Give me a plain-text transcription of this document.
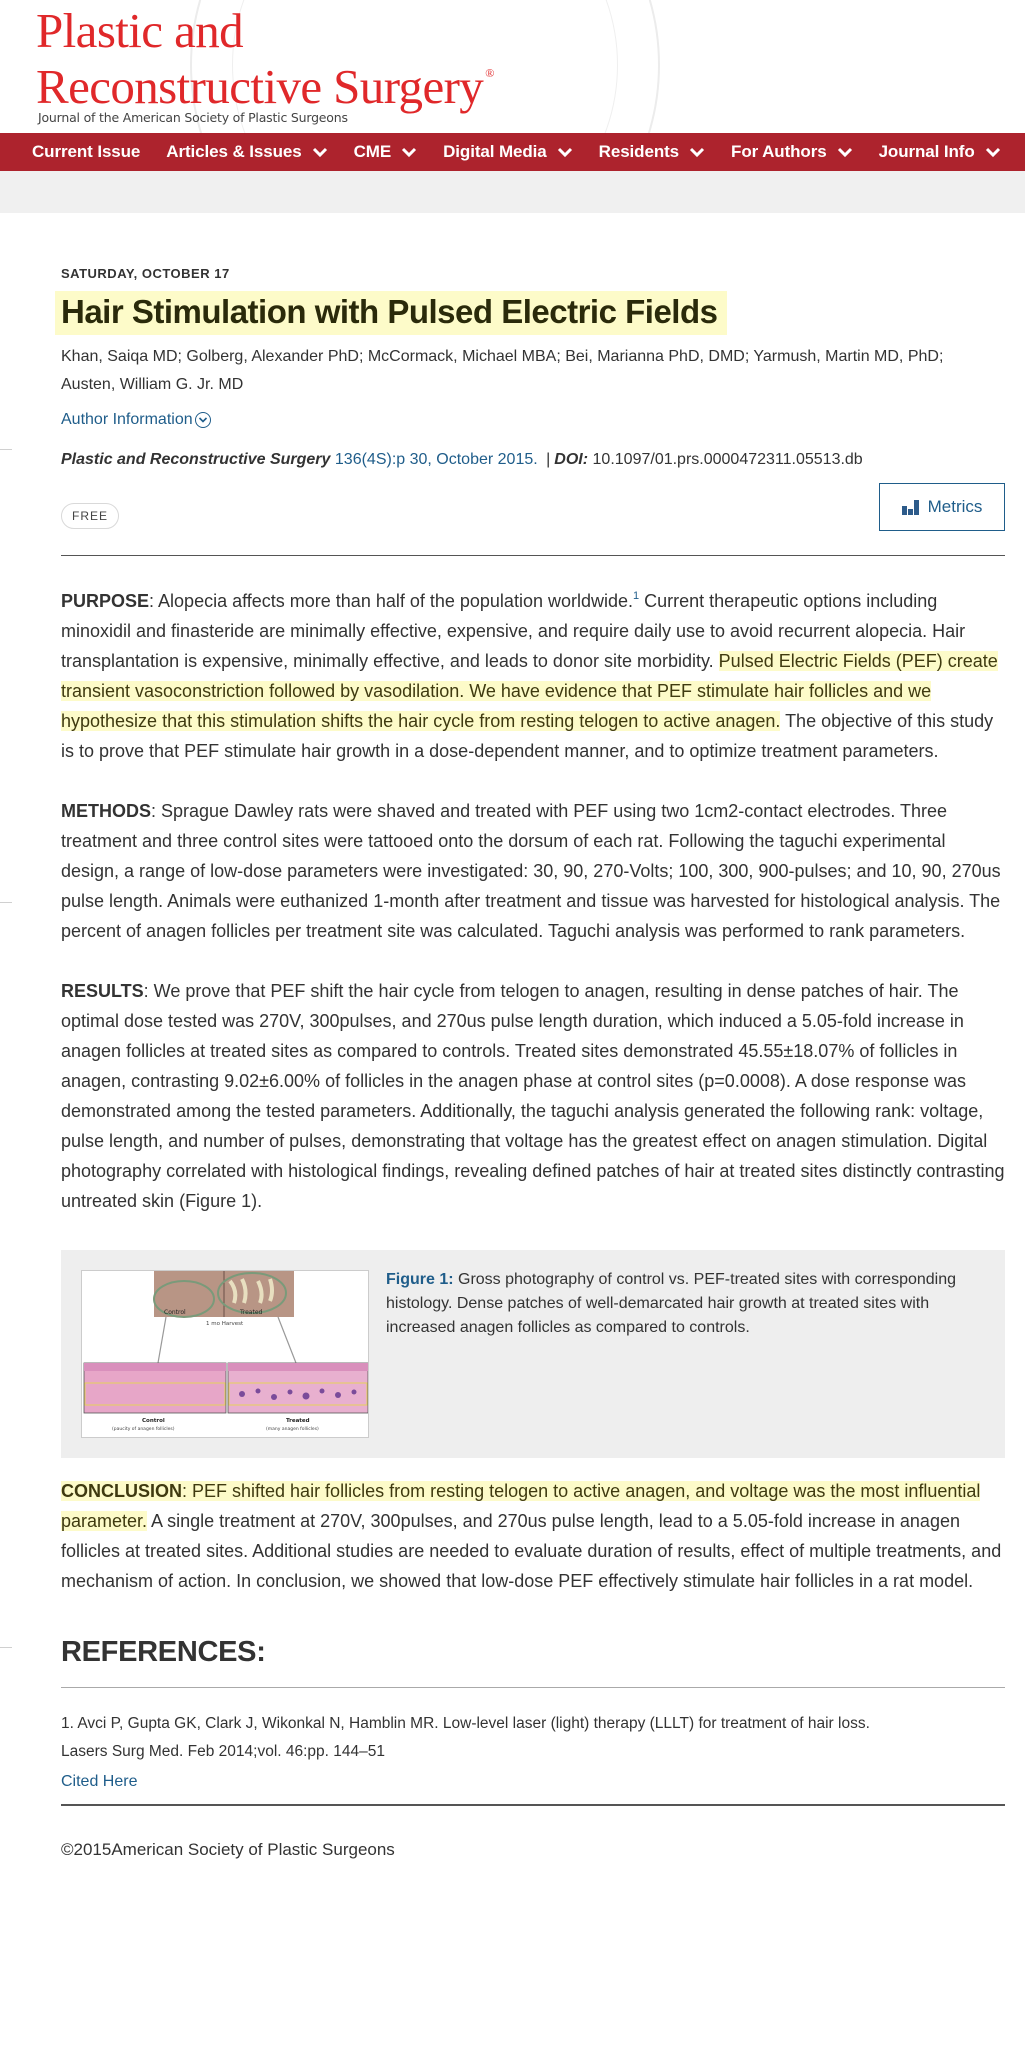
Plastic and
Reconstructive Surgery ®
Journal of the American Society of Plastic Surgeons
Current Issue Articles & Issues	CME	Digital Media	Residents	For Authors	Journal Info
SATURDAY, OCTOBER 17
Hair Stimulation with Pulsed Electric Fields
Khan, Saiqa MD; Golberg, Alexander PhD; McCormack, Michael MBA; Bei, Marianna PhD, DMD; Yarmush, Martin MD, PhD;
Austen, William G. Jr. MD
Author Information
Plastic and Reconstructive Surgery 136(4S):p 30, October 2015. | DOI: 10.1097/01.prs.0000472311.05513.db
FREE	Metrics

PURPOSE: Alopecia affects more than half of the population worldwide.$^1$ Current therapeutic options including minoxidil and finasteride are minimally effective, expensive, and require daily use to avoid recurrent alopecia. Hair transplantation is expensive, minimally effective, and leads to donor site morbidity. Pulsed Electric Fields (PEF) create transient vasoconstriction followed by vasodilation. We have evidence that PEF stimulate hair follicles and we hypothesize that this stimulation shifts the hair cycle from resting telogen to active anagen. The objective of this study is to prove that PEF stimulate hair growth in a dose-dependent manner, and to optimize treatment parameters.

METHODS: Sprague Dawley rats were shaved and treated with PEF using two 1cm2-contact electrodes. Three treatment and three control sites were tattooed onto the dorsum of each rat. Following the taguchi experimental design, a range of low-dose parameters were investigated: 30, 90, 270-Volts; 100, 300, 900-pulses; and 10, 90, 270us pulse length. Animals were euthanized 1-month after treatment and tissue was harvested for histological analysis. The percent of anagen follicles per treatment site was calculated. Taguchi analysis was performed to rank parameters.

RESULTS: We prove that PEF shift the hair cycle from telogen to anagen, resulting in dense patches of hair. The optimal dose tested was 270V, 300pulses, and 270us pulse length duration, which induced a 5.05-fold increase in anagen follicles at treated sites as compared to controls. Treated sites demonstrated 45.55±18.07% of follicles in anagen, contrasting 9.02±6.00% of follicles in the anagen phase at control sites (p=0.0008). A dose response was demonstrated among the tested parameters. Additionally, the taguchi analysis generated the following rank: voltage, pulse length, and number of pulses, demonstrating that voltage has the greatest effect on anagen stimulation. Digital photography correlated with histological findings, revealing defined patches of hair at treated sites distinctly contrasting untreated skin (Figure 1).

Control	Treated
1 mo Harvest
Control
(paucity of anagen follicles)
Treated
(many anagen follicles)
Figure 1: Gross photography of control vs. PEF-treated sites with corresponding histology. Dense patches of well-demarcated hair growth at treated sites with increased anagen follicles as compared to controls.

CONCLUSION: PEF shifted hair follicles from resting telogen to active anagen, and voltage was the most influential parameter. A single treatment at 270V, 300pulses, and 270us pulse length, lead to a 5.05-fold increase in anagen follicles at treated sites. Additional studies are needed to evaluate duration of results, effect of multiple treatments, and mechanism of action. In conclusion, we showed that low-dose PEF effectively stimulate hair follicles in a rat model.

REFERENCES:
1. Avci P, Gupta GK, Clark J, Wikonkal N, Hamblin MR. Low-level laser (light) therapy (LLLT) for treatment of hair loss.
Lasers Surg Med. Feb 2014;vol. 46:pp. 144–51
Cited Here
©2015American Society of Plastic Surgeons
